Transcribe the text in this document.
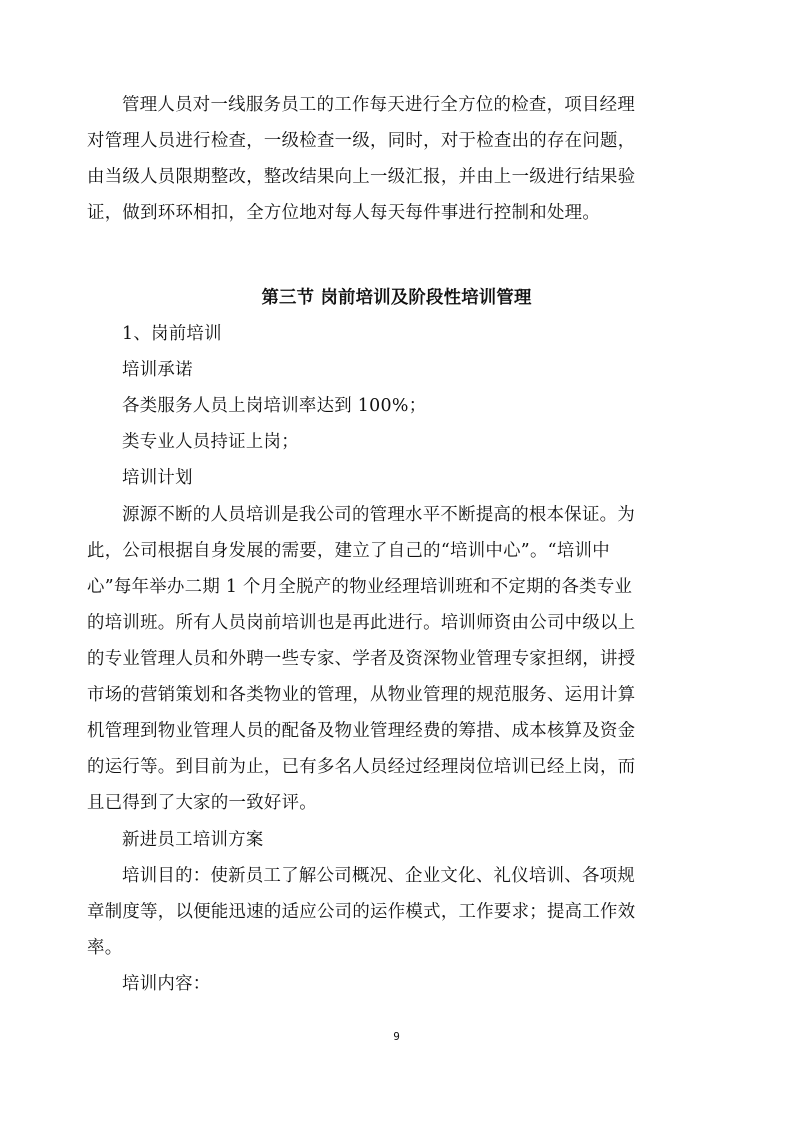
管理人员对一线服务员工的工作每天进行全方位的检查，项目经理
对管理人员进行检查，一级检查一级，同时，对于检查出的存在问题，
由当级人员限期整改，整改结果向上一级汇报，并由上一级进行结果验
证，做到环环相扣，全方位地对每人每天每件事进行控制和处理。
第三节 岗前培训及阶段性培训管理
1、岗前培训
培训承诺
各类服务人员上岗培训率达到 100%；
类专业人员持证上岗；
培训计划
源源不断的人员培训是我公司的管理水平不断提高的根本保证。为
此，公司根据自身发展的需要，建立了自己的“培训中心”。“培训中
心”每年举办二期 1 个月全脱产的物业经理培训班和不定期的各类专业
的培训班。所有人员岗前培训也是再此进行。培训师资由公司中级以上
的专业管理人员和外聘一些专家、学者及资深物业管理专家担纲，讲授
市场的营销策划和各类物业的管理，从物业管理的规范服务、运用计算
机管理到物业管理人员的配备及物业管理经费的筹措、成本核算及资金
的运行等。到目前为止，已有多名人员经过经理岗位培训已经上岗，而
且已得到了大家的一致好评。
新进员工培训方案
培训目的：使新员工了解公司概况、企业文化、礼仪培训、各项规
章制度等，以便能迅速的适应公司的运作模式，工作要求；提高工作效
率。
培训内容：
9
